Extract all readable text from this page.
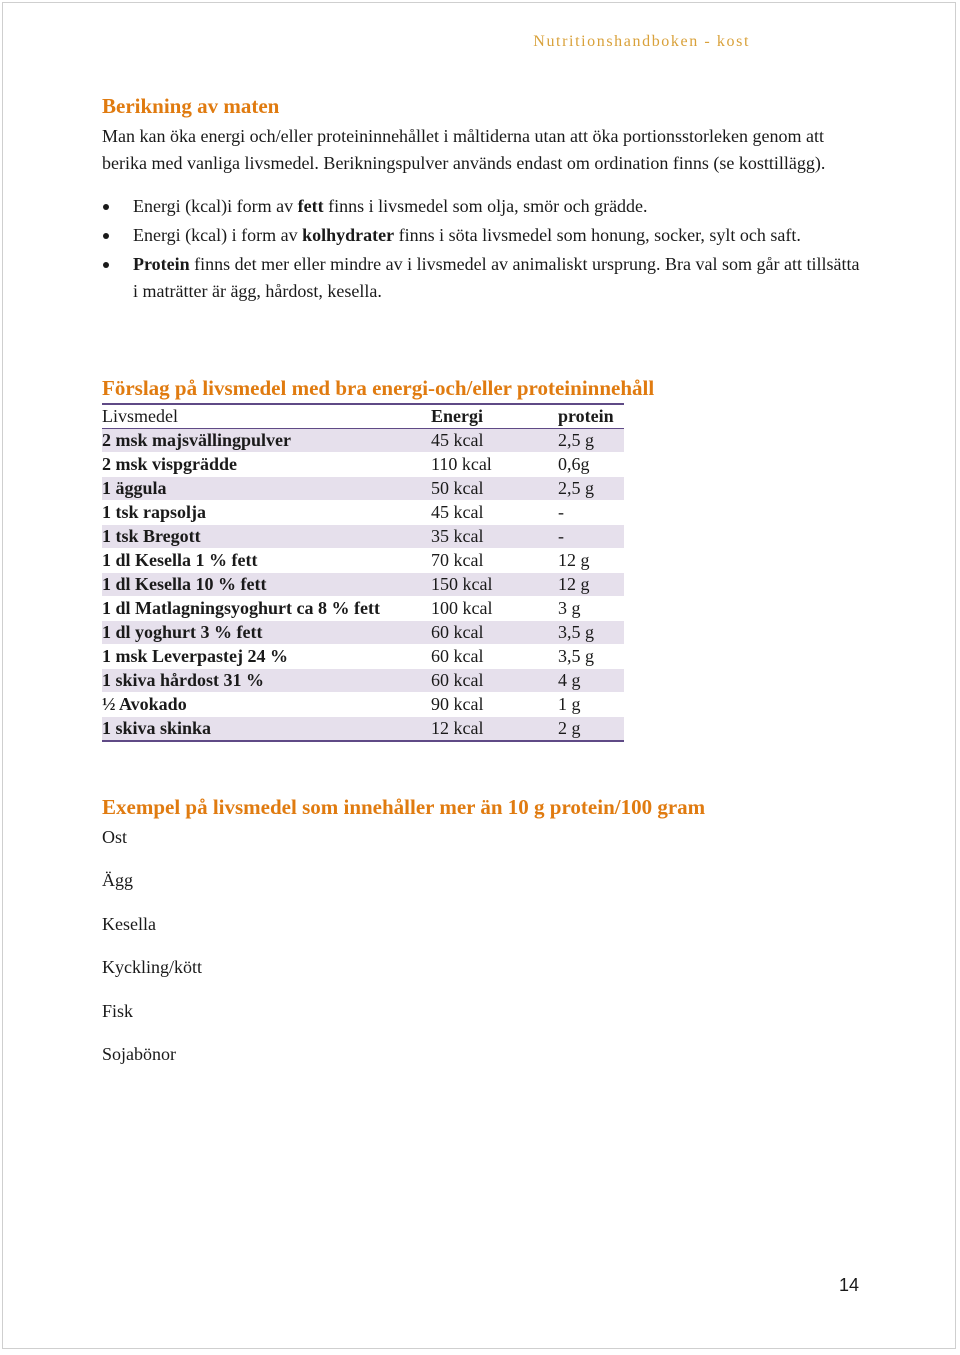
Nutritionshandboken - kost
Berikning av maten

Man kan öka energi och/eller proteininnehållet i måltiderna utan att öka portionsstorleken genom att berika med vanliga livsmedel. Berikningspulver används endast om ordination finns (se kosttillägg).

Energi (kcal)i form av fett finns i livsmedel som olja, smör och grädde.
Energi (kcal) i form av kolhydrater finns i söta livsmedel som honung, socker, sylt och saft.
Protein finns det mer eller mindre av i livsmedel av animaliskt ursprung. Bra val som går att tillsätta i maträtter är ägg, hårdost, kesella.
Förslag på livsmedel med bra energi-och/eller proteininnehåll
Livsmedel	Energi	protein
2 msk majsvällingpulver	45 kcal	2,5 g
2 msk vispgrädde	110 kcal	0,6g
1 äggula	50 kcal	2,5 g
1 tsk rapsolja	45 kcal	-
1 tsk Bregott	35 kcal	-
1 dl Kesella 1 % fett	70 kcal	12 g
1 dl Kesella 10 % fett	150 kcal	12 g
1 dl Matlagningsyoghurt ca 8 % fett	100 kcal	3 g
1 dl yoghurt 3 % fett	60 kcal	3,5 g
1 msk Leverpastej 24 %	60 kcal	3,5 g
1 skiva hårdost 31 %	60 kcal	4 g
½ Avokado	90 kcal	1 g
1 skiva skinka	12 kcal	2 g
Exempel på livsmedel som innehåller mer än 10 g protein/100 gram
Ost
Ägg
Kesella
Kyckling/kött
Fisk
Sojabönor
14
